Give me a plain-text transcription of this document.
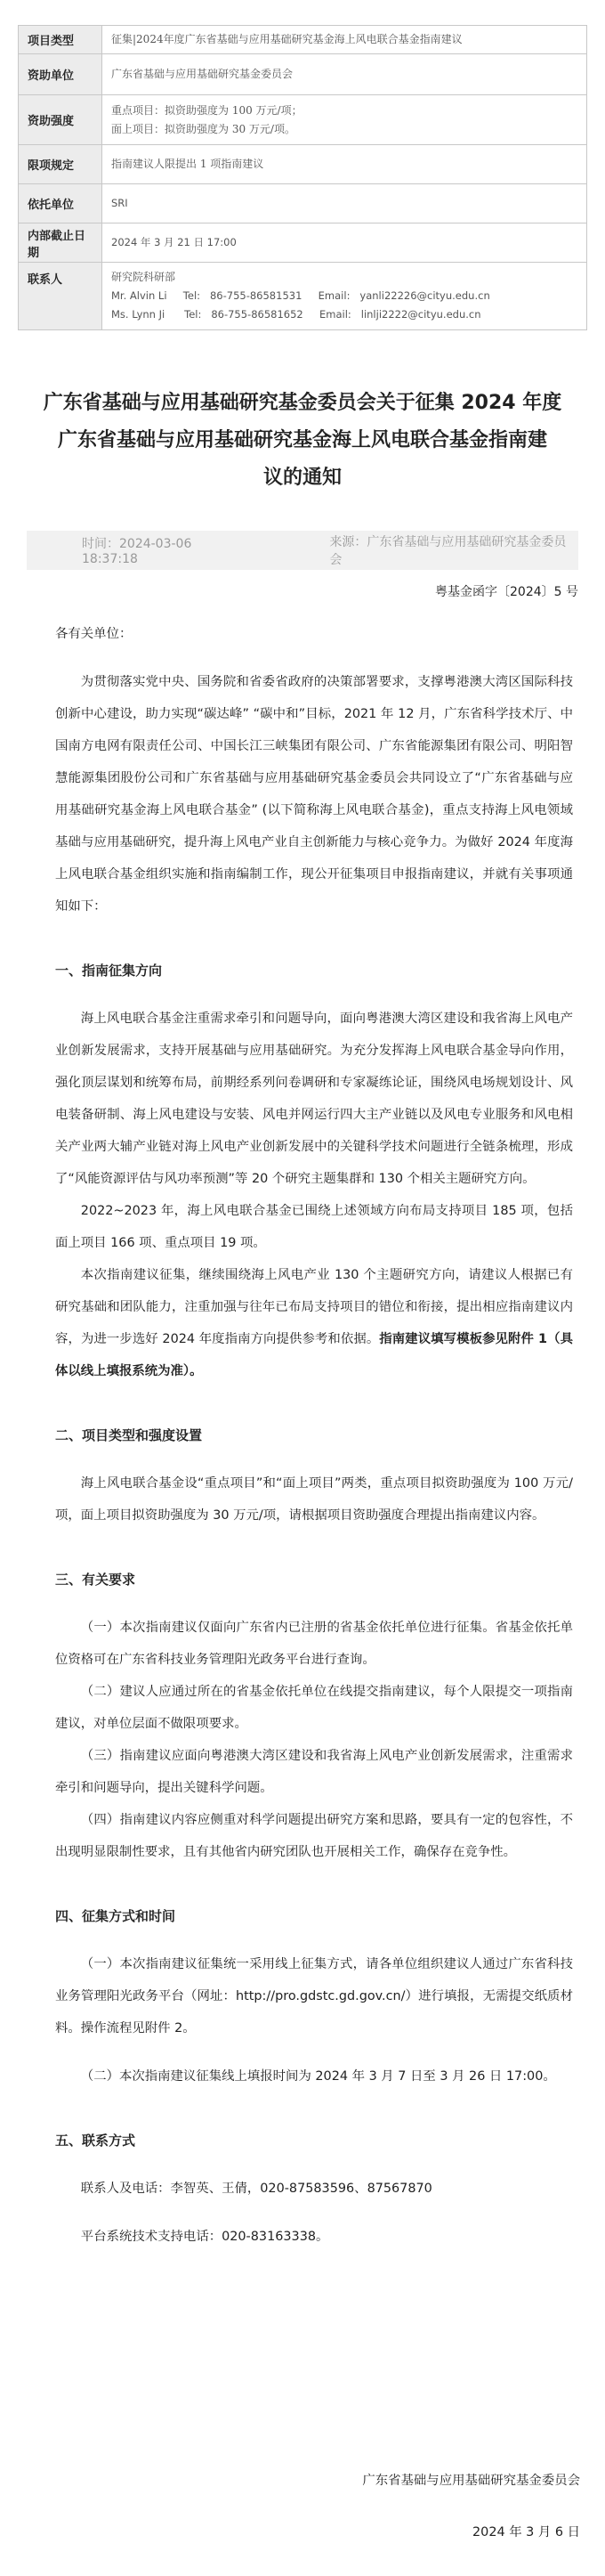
项目类型	征集|2024年度广东省基础与应用基础研究基金海上风电联合基金指南建议
资助单位	广东省基础与应用基础研究基金委员会
资助强度	重点项目：拟资助强度为 100 万元/项；
面上项目：拟资助强度为 30 万元/项。

限项规定	指南建议人限提出 1 项指南建议
依托单位	SRI
内部截止日期	2024 年 3 月 21 日 17:00
联系人	研究院科研部
Mr. Alvin Li     Tel:   86-755-86581531     Email:   yanli22226@cityu.edu.cn
Ms. Lynn Ji      Tel:   86-755-86581652     Email:   linlji2222@cityu.edu.cn
广东省基础与应用基础研究基金委员会关于征集 2024 年度
广东省基础与应用基础研究基金海上风电联合基金指南建
议的通知
时间：2024-03-06 18:37:18
来源：广东省基础与应用基础研究基金委员会
粤基金函字〔2024〕5 号

各有关单位：

为贯彻落实党中央、国务院和省委省政府的决策部署要求，支撑粤港澳大湾区国际科技创新中心建设，助力实现“碳达峰” “碳中和”目标，2021 年 12 月，广东省科学技术厅、中国南方电网有限责任公司、中国长江三峡集团有限公司、广东省能源集团有限公司、明阳智慧能源集团股份公司和广东省基础与应用基础研究基金委员会共同设立了“广东省基础与应用基础研究基金海上风电联合基金” (以下简称海上风电联合基金)，重点支持海上风电领域基础与应用基础研究，提升海上风电产业自主创新能力与核心竞争力。为做好 2024 年度海上风电联合基金组织实施和指南编制工作，现公开征集项目申报指南建议，并就有关事项通知如下：

一、指南征集方向

海上风电联合基金注重需求牵引和问题导向，面向粤港澳大湾区建设和我省海上风电产业创新发展需求，支持开展基础与应用基础研究。为充分发挥海上风电联合基金导向作用，强化顶层谋划和统筹布局，前期经系列问卷调研和专家凝练论证，围绕风电场规划设计、风电装备研制、海上风电建设与安装、风电并网运行四大主产业链以及风电专业服务和风电相关产业两大辅产业链对海上风电产业创新发展中的关键科学技术问题进行全链条梳理，形成了“风能资源评估与风功率预测”等 20 个研究主题集群和 130 个相关主题研究方向。

2022~2023 年，海上风电联合基金已围绕上述领域方向布局支持项目 185 项，包括面上项目 166 项、重点项目 19 项。

本次指南建议征集，继续围绕海上风电产业 130 个主题研究方向，请建议人根据已有研究基础和团队能力，注重加强与往年已布局支持项目的错位和衔接，提出相应指南建议内容，为进一步选好 2024 年度指南方向提供参考和依据。指南建议填写模板参见附件 1（具体以线上填报系统为准）。

二、项目类型和强度设置

海上风电联合基金设“重点项目”和“面上项目”两类，重点项目拟资助强度为 100 万元/项，面上项目拟资助强度为 30 万元/项，请根据项目资助强度合理提出指南建议内容。

三、有关要求

（一）本次指南建议仅面向广东省内已注册的省基金依托单位进行征集。省基金依托单位资格可在广东省科技业务管理阳光政务平台进行查询。

（二）建议人应通过所在的省基金依托单位在线提交指南建议，每个人限提交一项指南建议，对单位层面不做限项要求。

（三）指南建议应面向粤港澳大湾区建设和我省海上风电产业创新发展需求，注重需求牵引和问题导向，提出关键科学问题。

（四）指南建议内容应侧重对科学问题提出研究方案和思路，要具有一定的包容性，不出现明显限制性要求，且有其他省内研究团队也开展相关工作，确保存在竞争性。

四、征集方式和时间

（一）本次指南建议征集统一采用线上征集方式，请各单位组织建议人通过广东省科技业务管理阳光政务平台（网址：http://pro.gdstc.gd.gov.cn/）进行填报，无需提交纸质材料。操作流程见附件 2。

（二）本次指南建议征集线上填报时间为 2024 年 3 月 7 日至 3 月 26 日 17:00。

五、联系方式

联系人及电话：李智英、王倩，020-87583596、87567870

平台系统技术支持电话：020-83163338。

广东省基础与应用基础研究基金委员会
2024 年 3 月 6 日
